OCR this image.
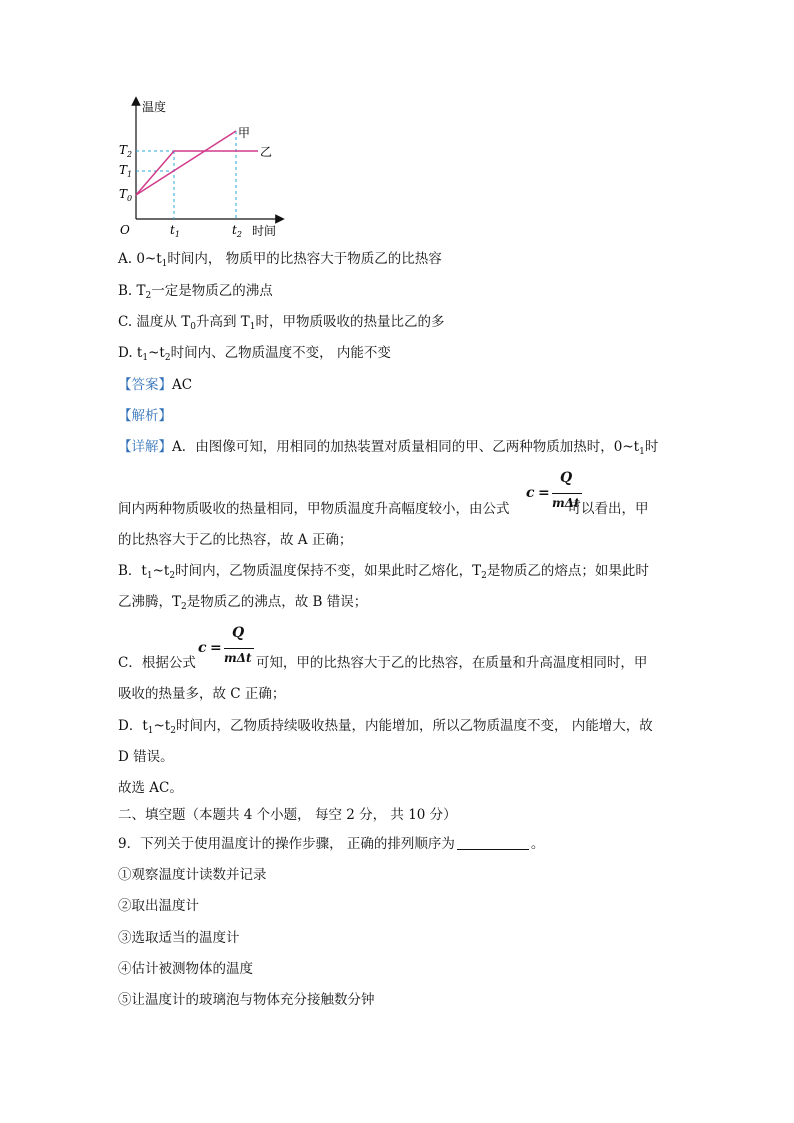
温度
时间
O
甲
乙
$T_2$
$T_1$
$T_0$
$t_1$	$t_2$
A. $0\sim t_1$时间内， 物质甲的比热容大于物质乙的比热容
B. $T_2$一定是物质乙的沸点
C. 温度从 $T_0$升高到 $T_1$时，甲物质吸收的热量比乙的多
D. $t_1\sim t_2$时间内、乙物质温度不变， 内能不变
【答案】AC
【解析】
【详解】A．由图像可知，用相同的加热装置对质量相同的甲、乙两种物质加热时，$0\sim t_1$时
间内两种物质吸收的热量相同，甲物质温度升高幅度较小，由公式	可以看出，甲
c =
Q
mΔt
的比热容大于乙的比热容，故 A 正确；
B．$t_1\sim t_2$时间内，乙物质温度保持不变，如果此时乙熔化，$T_2$是物质乙的熔点；如果此时
乙沸腾，$T_2$是物质乙的沸点，故 B 错误；
C．根据公式	可知，甲的比热容大于乙的比热容，在质量和升高温度相同时，甲
c =
Q
mΔt
吸收的热量多，故 C 正确；
D．$t_1\sim t_2$时间内，乙物质持续吸收热量，内能增加，所以乙物质温度不变， 内能增大，故
D 错误。
故选 AC。
二、填空题（本题共 4 个小题， 每空 2 分， 共 10 分）
9．下列关于使用温度计的操作步骤， 正确的排列顺序为	。
①观察温度计读数并记录
②取出温度计
③选取适当的温度计
④估计被测物体的温度
⑤让温度计的玻璃泡与物体充分接触数分钟
